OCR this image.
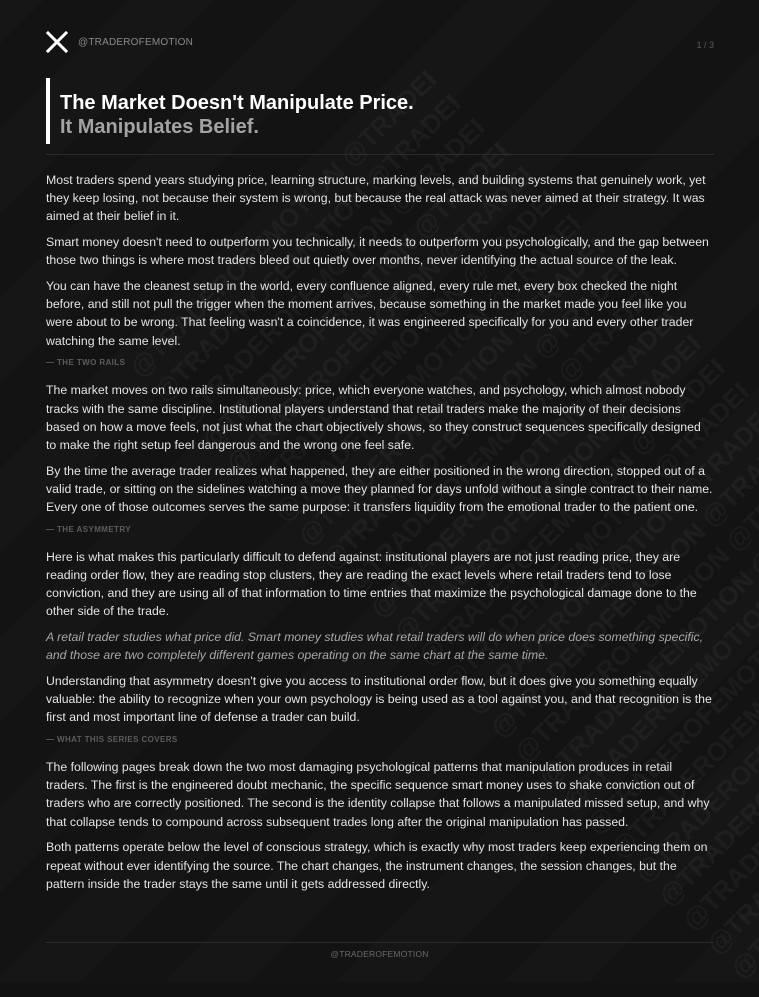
@TRADEROFEMOTION	1 / 3
The Market Doesn't Manipulate Price.
It Manipulates Belief.

Most traders spend years studying price, learning structure, marking levels, and building systems that genuinely work, yet they keep losing, not because their system is wrong, but because the real attack was never aimed at their strategy. It was aimed at their belief in it.

Smart money doesn't need to outperform you technically, it needs to outperform you psychologically, and the gap between those two things is where most traders bleed out quietly over months, never identifying the actual source of the leak.

You can have the cleanest setup in the world, every confluence aligned, every rule met, every box checked the night before, and still not pull the trigger when the moment arrives, because something in the market made you feel like you were about to be wrong. That feeling wasn't a coincidence, it was engineered specifically for you and every other trader watching the same level.

— THE TWO RAILS

The market moves on two rails simultaneously: price, which everyone watches, and psychology, which almost nobody tracks with the same discipline. Institutional players understand that retail traders make the majority of their decisions based on how a move feels, not just what the chart objectively shows, so they construct sequences specifically designed to make the right setup feel dangerous and the wrong one feel safe.

By the time the average trader realizes what happened, they are either positioned in the wrong direction, stopped out of a valid trade, or sitting on the sidelines watching a move they planned for days unfold without a single contract to their name. Every one of those outcomes serves the same purpose: it transfers liquidity from the emotional trader to the patient one.

— THE ASYMMETRY

Here is what makes this particularly difficult to defend against: institutional players are not just reading price, they are reading order flow, they are reading stop clusters, they are reading the exact levels where retail traders tend to lose conviction, and they are using all of that information to time entries that maximize the psychological damage done to the other side of the trade.

A retail trader studies what price did. Smart money studies what retail traders will do when price does something specific, and those are two completely different games operating on the same chart at the same time.

Understanding that asymmetry doesn't give you access to institutional order flow, but it does give you something equally valuable: the ability to recognize when your own psychology is being used as a tool against you, and that recognition is the first and most important line of defense a trader can build.

— WHAT THIS SERIES COVERS

The following pages break down the two most damaging psychological patterns that manipulation produces in retail traders. The first is the engineered doubt mechanic, the specific sequence smart money uses to shake conviction out of traders who are correctly positioned. The second is the identity collapse that follows a manipulated missed setup, and why that collapse tends to compound across subsequent trades long after the original manipulation has passed.

Both patterns operate below the level of conscious strategy, which is exactly why most traders keep experiencing them on repeat without ever identifying the source. The chart changes, the instrument changes, the session changes, but the pattern inside the trader stays the same until it gets addressed directly.

@TRADEROFEMOTION
